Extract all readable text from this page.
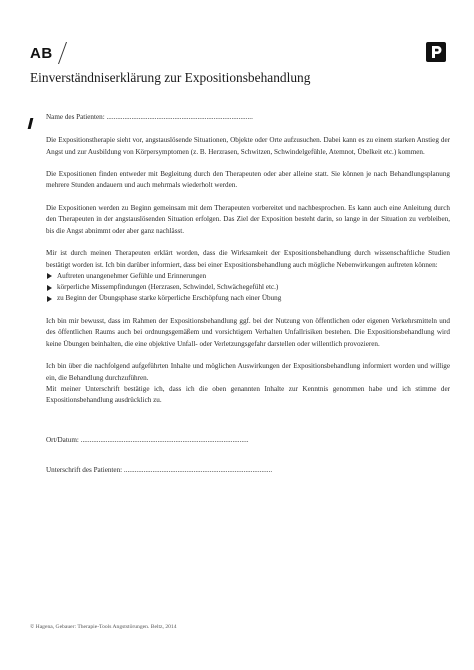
AB
Einverständniserklärung zur Expositionsbehandlung

Name des Patienten: ..................................................................................

Die Expositionstherapie sieht vor, angstauslösende Situationen, Objekte oder Orte aufzusuchen. Dabei kann es zu einem starken Anstieg der Angst und zur Ausbildung von Körpersymptomen (z. B. Herzrasen, Schwitzen, Schwindelgefühle, Atemnot, Übelkeit etc.) kommen.

Die Expositionen finden entweder mit Begleitung durch den Therapeuten oder aber alleine statt. Sie können je nach Behandlungsplanung mehrere Stunden andauern und auch mehrmals wiederholt werden.

Die Expositionen werden zu Beginn gemeinsam mit dem Therapeuten vorbereitet und nachbesprochen. Es kann auch eine Anleitung durch den Therapeuten in der angstauslösenden Situation erfolgen. Das Ziel der Exposition besteht darin, so lange in der Situation zu verbleiben, bis die Angst abnimmt oder aber ganz nachlässt.

Mir ist durch meinen Therapeuten erklärt worden, dass die Wirksamkeit der Expositionsbehandlung durch wissenschaftliche Studien bestätigt worden ist. Ich bin darüber informiert, dass bei einer Expositionsbehandlung auch mögliche Nebenwirkungen auftreten können:

Auftreten unangenehmer Gefühle und Erinnerungen
körperliche Missempfindungen (Herzrasen, Schwindel, Schwächegefühl etc.)
zu Beginn der Übungsphase starke körperliche Erschöpfung nach einer Übung

Ich bin mir bewusst, dass im Rahmen der Expositionsbehandlung ggf. bei der Nutzung von öffentlichen oder eigenen Verkehrsmitteln und des öffentlichen Raums auch bei ordnungsgemäßem und vorsichtigem Verhalten Unfallrisiken bestehen. Die Expositionsbehandlung wird keine Übungen beinhalten, die eine objektive Unfall- oder Verletzungsgefahr darstellen oder willentlich provozieren.

Ich bin über die nachfolgend aufgeführten Inhalte und möglichen Auswirkungen der Expositionsbehandlung informiert worden und willige ein, die Behandlung durchzuführen.

Mit meiner Unterschrift bestätige ich, dass ich die oben genannten Inhalte zur Kenntnis genommen habe und ich stimme der Expositionsbehandlung ausdrücklich zu.

Ort/Datum: ..............................................................................................
Unterschrift des Patienten: ...................................................................................
© Hagena, Gebauer: Therapie-Tools Angststörungen. Beltz, 2014
